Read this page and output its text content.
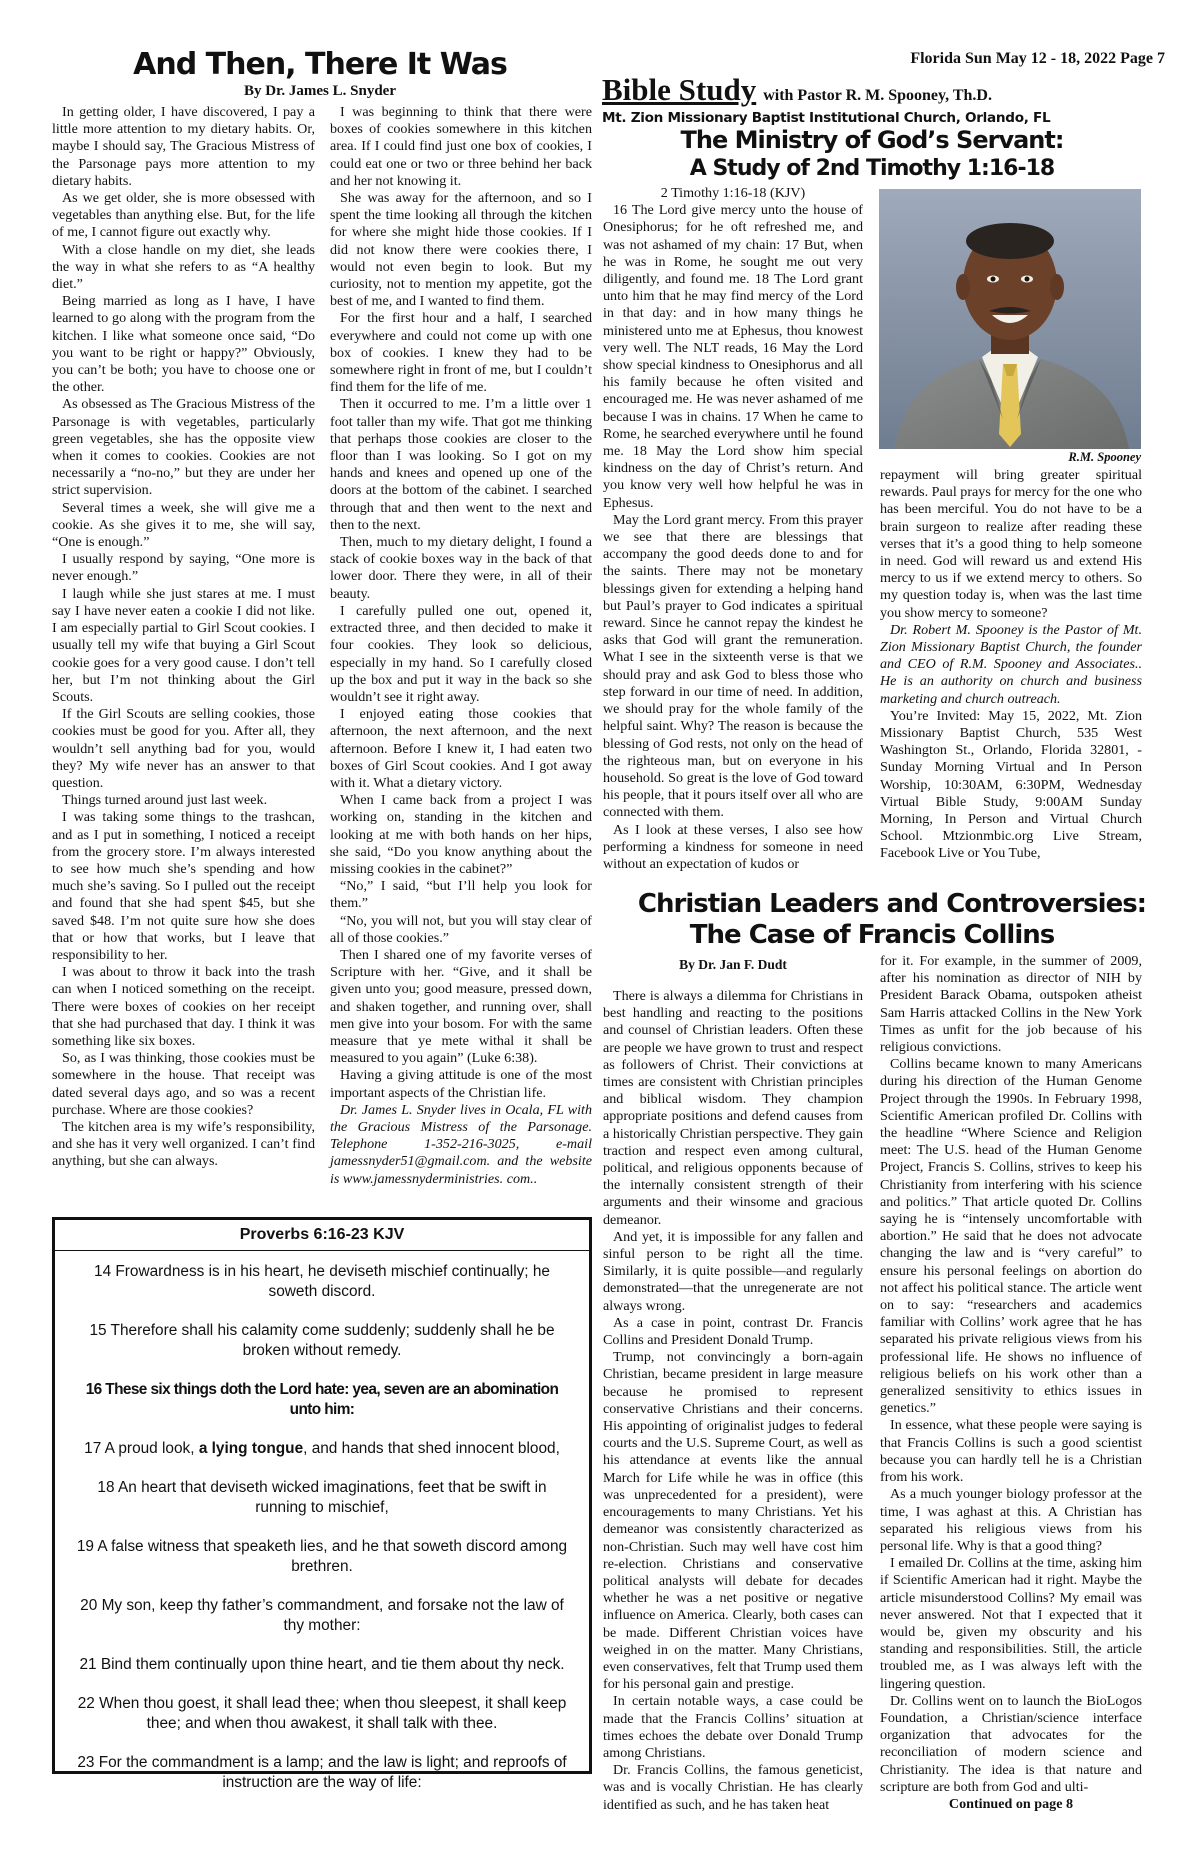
Florida Sun May 12 - 18, 2022 Page 7
And Then, There It Was
By Dr. James L. Snyder

In getting older, I have discovered, I pay a little more attention to my dietary habits. Or, maybe I should say, The Gracious Mistress of the Parsonage pays more attention to my dietary habits.

As we get older, she is more obsessed with vegetables than anything else. But, for the life of me, I cannot figure out exactly why.

With a close handle on my diet, she leads the way in what she refers to as “A healthy diet.”

Being married as long as I have, I have learned to go along with the program from the kitchen. I like what someone once said, “Do you want to be right or happy?” Obviously, you can’t be both; you have to choose one or the other.

As obsessed as The Gracious Mistress of the Parsonage is with vegetables, particularly green vegetables, she has the opposite view when it comes to cookies. Cookies are not necessarily a “no-no,” but they are under her strict supervision.

Several times a week, she will give me a cookie. As she gives it to me, she will say, “One is enough.”

I usually respond by saying, “One more is never enough.”

I laugh while she just stares at me. I must say I have never eaten a cookie I did not like. I am especially partial to Girl Scout cookies. I usually tell my wife that buying a Girl Scout cookie goes for a very good cause. I don’t tell her, but I’m not thinking about the Girl Scouts.

If the Girl Scouts are selling cookies, those cookies must be good for you. After all, they wouldn’t sell anything bad for you, would they? My wife never has an answer to that question.

Things turned around just last week.

I was taking some things to the trashcan, and as I put in something, I noticed a receipt from the grocery store. I’m always interested to see how much she’s spending and how much she’s saving. So I pulled out the receipt and found that she had spent $45, but she saved $48. I’m not quite sure how she does that or how that works, but I leave that responsibility to her.

I was about to throw it back into the trash can when I noticed something on the receipt. There were boxes of cookies on her receipt that she had purchased that day. I think it was something like six boxes.

So, as I was thinking, those cookies must be somewhere in the house. That receipt was dated several days ago, and so was a recent purchase. Where are those cookies?

The kitchen area is my wife’s responsibility, and she has it very well organized. I can’t find anything, but she can always.

I was beginning to think that there were boxes of cookies somewhere in this kitchen area. If I could find just one box of cookies, I could eat one or two or three behind her back and her not knowing it.

She was away for the afternoon, and so I spent the time looking all through the kitchen for where she might hide those cookies. If I did not know there were cookies there, I would not even begin to look. But my curiosity, not to mention my appetite, got the best of me, and I wanted to find them.

For the first hour and a half, I searched everywhere and could not come up with one box of cookies. I knew they had to be somewhere right in front of me, but I couldn’t find them for the life of me.

Then it occurred to me. I’m a little over 1 foot taller than my wife. That got me thinking that perhaps those cookies are closer to the floor than I was looking. So I got on my hands and knees and opened up one of the doors at the bottom of the cabinet. I searched through that and then went to the next and then to the next.

Then, much to my dietary delight, I found a stack of cookie boxes way in the back of that lower door. There they were, in all of their beauty.

I carefully pulled one out, opened it, extracted three, and then decided to make it four cookies. They look so delicious, especially in my hand. So I carefully closed up the box and put it way in the back so she wouldn’t see it right away.

I enjoyed eating those cookies that afternoon, the next afternoon, and the next afternoon. Before I knew it, I had eaten two boxes of Girl Scout cookies. And I got away with it. What a dietary victory.

When I came back from a project I was working on, standing in the kitchen and looking at me with both hands on her hips, she said, “Do you know anything about the missing cookies in the cabinet?”

“No,” I said, “but I’ll help you look for them.”

“No, you will not, but you will stay clear of all of those cookies.”

Then I shared one of my favorite verses of Scripture with her. “Give, and it shall be given unto you; good measure, pressed down, and shaken together, and running over, shall men give into your bosom. For with the same measure that ye mete withal it shall be measured to you again” (Luke 6:38).

Having a giving attitude is one of the most important aspects of the Christian life.

Dr. James L. Snyder lives in Ocala, FL with the Gracious Mistress of the Parsonage. Telephone 1-352-216-3025, e-mail jamessnyder51@gmail.com. and the website is www.jamessnyderministries. com..

Proverbs 6:16-23 KJV

14 Frowardness is in his heart, he deviseth mischief continually; he soweth discord.

15 Therefore shall his calamity come suddenly; suddenly shall he be broken without remedy.

16 These six things doth the Lord hate: yea, seven are an abomination unto him:

17 A proud look, a lying tongue, and hands that shed innocent blood,

18 An heart that deviseth wicked imaginations, feet that be swift in running to mischief,

19 A false witness that speaketh lies, and he that soweth discord among brethren.

20 My son, keep thy father’s commandment, and forsake not the law of thy mother:

21 Bind them continually upon thine heart, and tie them about thy neck.

22 When thou goest, it shall lead thee; when thou sleepest, it shall keep thee; and when thou awakest, it shall talk with thee.

23 For the commandment is a lamp; and the law is light; and reproofs of instruction are the way of life:

Bible Study with Pastor R. M. Spooney, Th.D.
Mt. Zion Missionary Baptist Institutional Church, Orlando, FL
The Ministry of God’s Servant:
A Study of 2nd Timothy 1:16-18

2 Timothy 1:16-18 (KJV)

16 The Lord give mercy unto the house of Onesiphorus; for he oft refreshed me, and was not ashamed of my chain: 17 But, when he was in Rome, he sought me out very diligently, and found me. 18 The Lord grant unto him that he may find mercy of the Lord in that day: and in how many things he ministered unto me at Ephesus, thou knowest very well. The NLT reads, 16 May the Lord show special kindness to Onesiphorus and all his family because he often visited and encouraged me. He was never ashamed of me because I was in chains. 17 When he came to Rome, he searched everywhere until he found me. 18 May the Lord show him special kindness on the day of Christ’s return. And you know very well how helpful he was in Ephesus.

May the Lord grant mercy. From this prayer we see that there are blessings that accompany the good deeds done to and for the saints. There may not be monetary blessings given for extending a helping hand but Paul’s prayer to God indicates a spiritual reward. Since he cannot repay the kindest he asks that God will grant the remuneration. What I see in the sixteenth verse is that we should pray and ask God to bless those who step forward in our time of need. In addition, we should pray for the whole family of the helpful saint. Why? The reason is because the blessing of God rests, not only on the head of the righteous man, but on everyone in his household. So great is the love of God toward his people, that it pours itself over all who are connected with them.

As I look at these verses, I also see how performing a kindness for someone in need without an expectation of kudos or

R.M. Spooney

repayment will bring greater spiritual rewards. Paul prays for mercy for the one who has been merciful. You do not have to be a brain surgeon to realize after reading these verses that it’s a good thing to help someone in need. God will reward us and extend His mercy to us if we extend mercy to others. So my question today is, when was the last time you show mercy to someone?

Dr. Robert M. Spooney is the Pastor of Mt. Zion Missionary Baptist Church, the founder and CEO of R.M. Spooney and Associates.. He is an authority on church and business marketing and church outreach.

You’re Invited: May 15, 2022, Mt. Zion Missionary Baptist Church, 535 West Washington St., Orlando, Florida 32801, - Sunday Morning Virtual and In Person Worship, 10:30AM, 6:30PM, Wednesday Virtual Bible Study, 9:00AM Sunday Morning, In Person and Virtual Church School. Mtzionmbic.org Live Stream, Facebook Live or You Tube,

Christian Leaders and Controversies:
The Case of Francis Collins
By Dr. Jan F. Dudt

There is always a dilemma for Christians in best handling and reacting to the positions and counsel of Christian leaders. Often these are people we have grown to trust and respect as followers of Christ. Their convictions at times are consistent with Christian principles and biblical wisdom. They champion appropriate positions and defend causes from a historically Christian perspective. They gain traction and respect even among cultural, political, and religious opponents because of the internally consistent strength of their arguments and their winsome and gracious demeanor.

And yet, it is impossible for any fallen and sinful person to be right all the time. Similarly, it is quite possible—and regularly demonstrated—that the unregenerate are not always wrong.

As a case in point, contrast Dr. Francis Collins and President Donald Trump.

Trump, not convincingly a born-again Christian, became president in large measure because he promised to represent conservative Christians and their concerns. His appointing of originalist judges to federal courts and the U.S. Supreme Court, as well as his attendance at events like the annual March for Life while he was in office (this was unprecedented for a president), were encouragements to many Christians. Yet his demeanor was consistently characterized as non-Christian. Such may well have cost him re-election. Christians and conservative political analysts will debate for decades whether he was a net positive or negative influence on America. Clearly, both cases can be made. Different Christian voices have weighed in on the matter. Many Christians, even conservatives, felt that Trump used them for his personal gain and prestige.

In certain notable ways, a case could be made that the Francis Collins’ situation at times echoes the debate over Donald Trump among Christians.

Dr. Francis Collins, the famous geneticist, was and is vocally Christian. He has clearly identified as such, and he has taken heat

for it. For example, in the summer of 2009, after his nomination as director of NIH by President Barack Obama, outspoken atheist Sam Harris attacked Collins in the New York Times as unfit for the job because of his religious convictions.

Collins became known to many Americans during his direction of the Human Genome Project through the 1990s. In February 1998, Scientific American profiled Dr. Collins with the headline “Where Science and Religion meet: The U.S. head of the Human Genome Project, Francis S. Collins, strives to keep his Christianity from interfering with his science and politics.” That article quoted Dr. Collins saying he is “intensely uncomfortable with abortion.” He said that he does not advocate changing the law and is “very careful” to ensure his personal feelings on abortion do not affect his political stance. The article went on to say: “researchers and academics familiar with Collins’ work agree that he has separated his private religious views from his professional life. He shows no influence of religious beliefs on his work other than a generalized sensitivity to ethics issues in genetics.”

In essence, what these people were saying is that Francis Collins is such a good scientist because you can hardly tell he is a Christian from his work.

As a much younger biology professor at the time, I was aghast at this. A Christian has separated his religious views from his personal life. Why is that a good thing?

I emailed Dr. Collins at the time, asking him if Scientific American had it right. Maybe the article misunderstood Collins? My email was never answered. Not that I expected that it would be, given my obscurity and his standing and responsibilities. Still, the article troubled me, as I was always left with the lingering question.

Dr. Collins went on to launch the BioLogos Foundation, a Christian/science interface organization that advocates for the reconciliation of modern science and Christianity. The idea is that nature and scripture are both from God and ulti-

Continued on page 8
